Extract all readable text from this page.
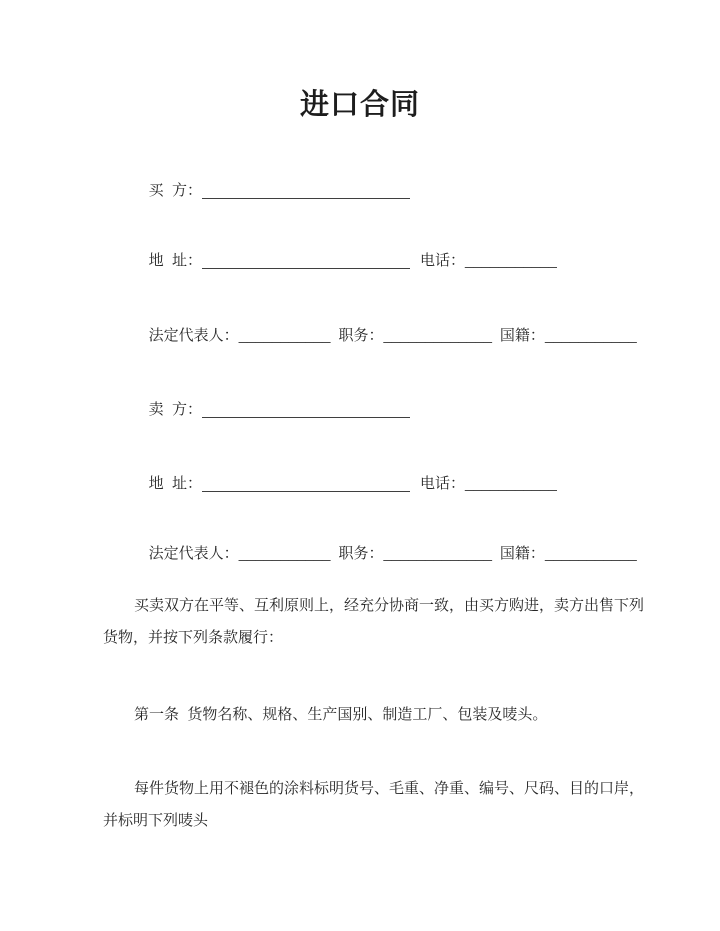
进口合同

买  方：

地  址：	电话：___________

法定代表人：___________ 职务：_____________ 国籍：___________

卖  方：

地  址：	电话：___________

法定代表人：___________ 职务：_____________ 国籍：___________

买卖双方在平等、互利原则上，经充分协商一致，由买方购进，卖方出售下列货物，并按下列条款履行：
第一条  货物名称、规格、生产国别、制造工厂、包装及唛头。
每件货物上用不褪色的涂料标明货号、毛重、净重、编号、尺码、目的口岸，并标明下列唛头
